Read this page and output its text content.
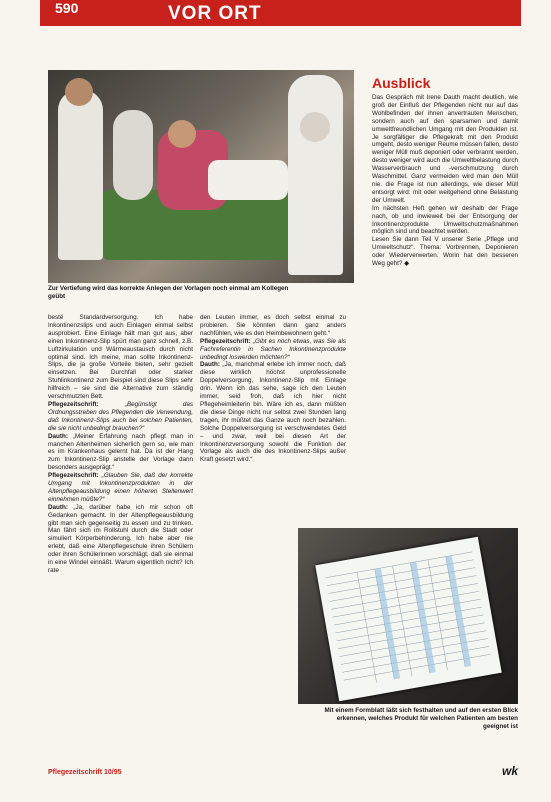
590	VOR ORT
Zur Vertiefung wird das korrekte Anlegen der Vorlagen noch einmal am Kollegen geübt
bestë Standardversorgung. Ich habe Inkontinenzslips und auch Einlagen einmal selbst ausprobiert. Eine Einlage hält man gut aus, aber einen Inkontinenz-Slip spürt man ganz schnell, z.B. Luftzirkulation und Wärmeaustausch durch nicht optimal sind. Ich meine, man sollte Inkontinenz-Slips, die ja große Vorteile bieten, sehr gezielt einsetzen. Bei Durchfall oder starker Stuhlinkontinenz zum Beispiel sind diese Slips sehr hilfreich – sie sind die Alternative zum ständig verschmutzten Bett.
Pflegezeitschrift:	„Begünstigt das Ordnungsstreben des Pflegenden die Verwendung, daß Inkontinenz-Slips auch bei solchen Patienten, die sie nicht unbedingt brauchen?“
Dauth: „Meiner Erfahrung nach pflegt man in manchen Altenheimen sicherlich gern so, wie man es im Krankenhaus gelernt hat. Da ist der Hang zum Inkontinenz-Slip anstelle der Vorlage dann besonders ausgeprägt.“
Pflegezeitschrift: „Glauben Sie, daß der korrekte Umgang mit Inkontinenzprodukten in der Altenpflegeausbildung einen höheren Stellenwert einnehmen müßte?“
Dauth: „Ja, darüber habe ich mir schon oft Gedanken gemacht. In der Altenpflegeausbildung gibt man sich gegenseitig zu essen und zu trinken. Man fährt sich im Rollstuhl durch die Stadt oder simuliert Körperbehinderung. Ich habe aber nie erlebt, daß eine Altenpflegeschule ihren Schülern oder ihren Schülerinnen vorschlägt, daß sie einmal in eine Windel einnäßt. Warum eigentlich nicht? Ich rate
den Leuten immer, es doch selbst einmal zu probieren. Sie könnten dann ganz anders nachfühlen, wie es den Heimbewohnern geht.“
Pflegezeitschrift: „Gibt es noch etwas, was Sie als Fachreferentin in Sachen Inkontinenzprodukte unbedingt loswerden möchten?“
Dauth: „Ja, manchmal erlebe ich immer noch, daß diese wirklich höchst unprofessionelle Doppelversorgung, Inkontinenz-Slip mit Einlage drin. Wenn ich das sehe, sage ich den Leuten immer, seid froh, daß ich hier nicht Pflegeheimleiterin bin. Wäre ich es, dann müßten die diese Dinge nicht nur selbst zwei Stunden lang tragen, ihr müßtet das Ganze auch noch bezahlen. Solche Doppelversorgung ist verschwendetes Geld – und zwar, weil bei diesen Art der Inkontinenzversorgung sowohl die Funktion der Vorlage als auch die des Inkontinenz-Slips außer Kraft gesetzt wird.“
Ausblick
Das Gespräch mit Irene Dauth macht deutlich, wie groß der Einfluß der Pflegenden nicht nur auf das Wohlbefinden der ihnen anvertrauten Menschen, sondern auch auf den sparsamen und damit umweltfreundlichen Umgang mit den Produkten ist. Je sorgfältiger die Pflegekraft mit den Produkt umgeht, desto weniger Reume müssen fallen, desto weniger Müll muß deponiert oder verbrannt werden, desto weniger wird auch die Umweltbelastung durch Wasserverbrauch und -verschmutzung durch Waschmittel. Ganz vermeiden wird man den Müll nie. die Frage ist nun allerdings, wie dieser Müll entsorgt wird: mit oder weitgehend ohne Belastung der Umwelt.
Im nächsten Heft gehen wir deshalb der Frage nach, ob und inwieweit bei der Entsorgung der Inkontinenzprodukte Umweltschutzmaßnahmen möglich sind und beachtet werden.
Lesen Sie dann Teil V unserer Serie „Pflege und Umweltschutz“. Thema: Vorbrennen, Deponieren oder Wiederverwerten. Worin hat den besseren Weg geht? ◆
Mit einem Formblatt läßt sich festhalten und auf den ersten Blick erkennen, welches Produkt für welchen Patienten am besten geeignet ist
Pflegezeitschrift 10/95	wk
